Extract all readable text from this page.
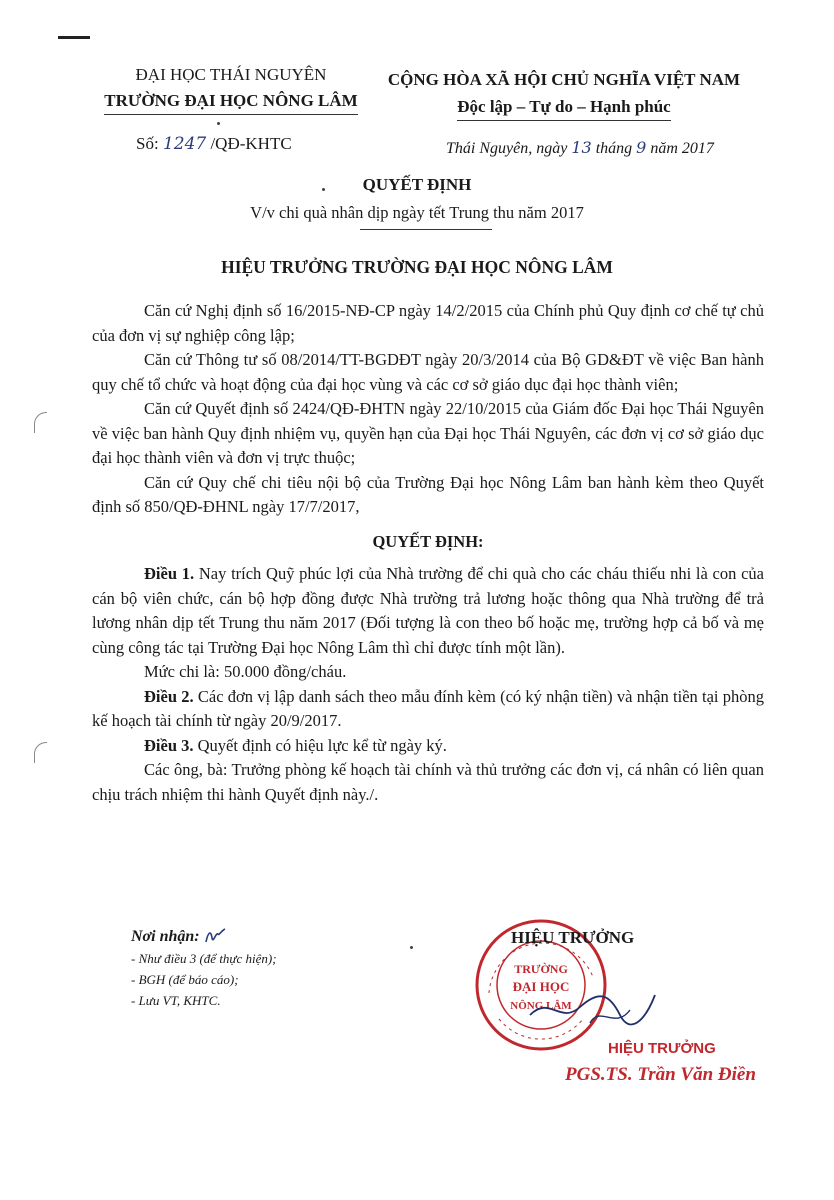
ĐẠI HỌC THÁI NGUYÊN
TRƯỜNG ĐẠI HỌC NÔNG LÂM
CỘNG HÒA XÃ HỘI CHỦ NGHĨA VIỆT NAM
Độc lập – Tự do – Hạnh phúc
Số: 1247 /QĐ-KHTC	Thái Nguyên, ngày 13 tháng 9 năm 2017
QUYẾT ĐỊNH
V/v chi quà nhân dịp ngày tết Trung thu năm 2017
HIỆU TRƯỞNG TRƯỜNG ĐẠI HỌC NÔNG LÂM

Căn cứ Nghị định số 16/2015-NĐ-CP ngày 14/2/2015 của Chính phủ Quy định cơ chế tự chủ của đơn vị sự nghiệp công lập;

Căn cứ Thông tư số 08/2014/TT-BGDĐT ngày 20/3/2014 của Bộ GD&ĐT về việc Ban hành quy chế tổ chức và hoạt động của đại học vùng và các cơ sở giáo dục đại học thành viên;

Căn cứ Quyết định số 2424/QĐ-ĐHTN ngày 22/10/2015 của Giám đốc Đại học Thái Nguyên về việc ban hành Quy định nhiệm vụ, quyền hạn của Đại học Thái Nguyên, các đơn vị cơ sở giáo dục đại học thành viên và đơn vị trực thuộc;

Căn cứ Quy chế chi tiêu nội bộ của Trường Đại học Nông Lâm ban hành kèm theo Quyết định số 850/QĐ-ĐHNL ngày 17/7/2017,

QUYẾT ĐỊNH:

Điều 1. Nay trích Quỹ phúc lợi của Nhà trường để chi quà cho các cháu thiếu nhi là con của cán bộ viên chức, cán bộ hợp đồng được Nhà trường trả lương hoặc thông qua Nhà trường để trả lương nhân dịp tết Trung thu năm 2017 (Đối tượng là con theo bố hoặc mẹ, trường hợp cả bố và mẹ cùng công tác tại Trường Đại học Nông Lâm thì chỉ được tính một lần).

Mức chi là: 50.000 đồng/cháu.

Điều 2. Các đơn vị lập danh sách theo mẫu đính kèm (có ký nhận tiền) và nhận tiền tại phòng kế hoạch tài chính từ ngày 20/9/2017.

Điều 3. Quyết định có hiệu lực kể từ ngày ký.

Các ông, bà: Trưởng phòng kế hoạch tài chính và thủ trưởng các đơn vị, cá nhân có liên quan chịu trách nhiệm thi hành Quyết định này./.

Nơi nhận:
- Như điều 3 (để thực hiện);
- BGH (để báo cáo);
- Lưu VT, KHTC.
TRƯỜNG
ĐẠI HỌC
NÔNG LÂM
HIỆU TRƯỞNG
HIỆU TRƯỞNG
PGS.TS. Trần Văn Điền
